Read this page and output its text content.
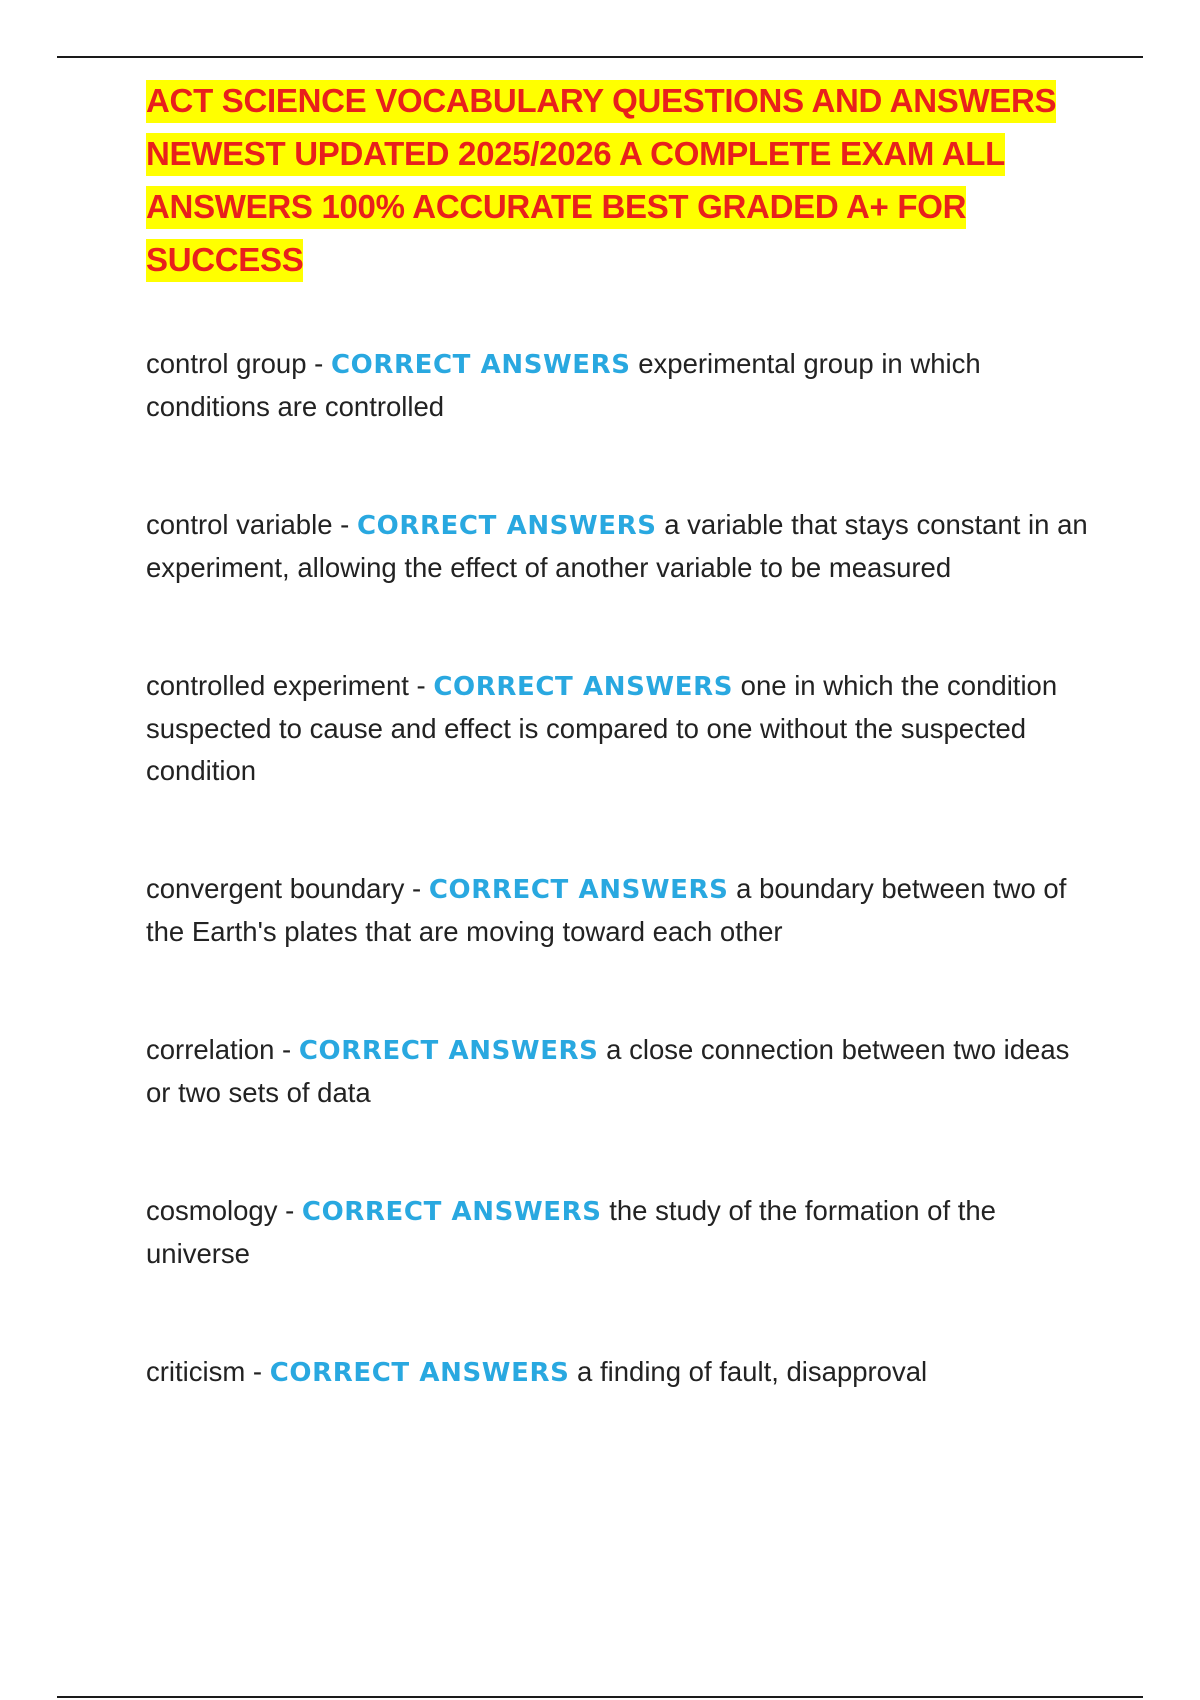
ACT SCIENCE VOCABULARY QUESTIONS AND ANSWERS NEWEST UPDATED 2025/2026 A COMPLETE EXAM ALL ANSWERS 100% ACCURATE BEST GRADED A+ FOR SUCCESS

control group - CORRECT ANSWERS experimental group in which conditions are controlled

control variable - CORRECT ANSWERS a variable that stays constant in an experiment, allowing the effect of another variable to be measured

controlled experiment - CORRECT ANSWERS one in which the condition suspected to cause and effect is compared to one without the suspected condition

convergent boundary - CORRECT ANSWERS a boundary between two of the Earth's plates that are moving toward each other

correlation - CORRECT ANSWERS a close connection between two ideas or two sets of data

cosmology - CORRECT ANSWERS the study of the formation of the universe

criticism - CORRECT ANSWERS a finding of fault, disapproval
